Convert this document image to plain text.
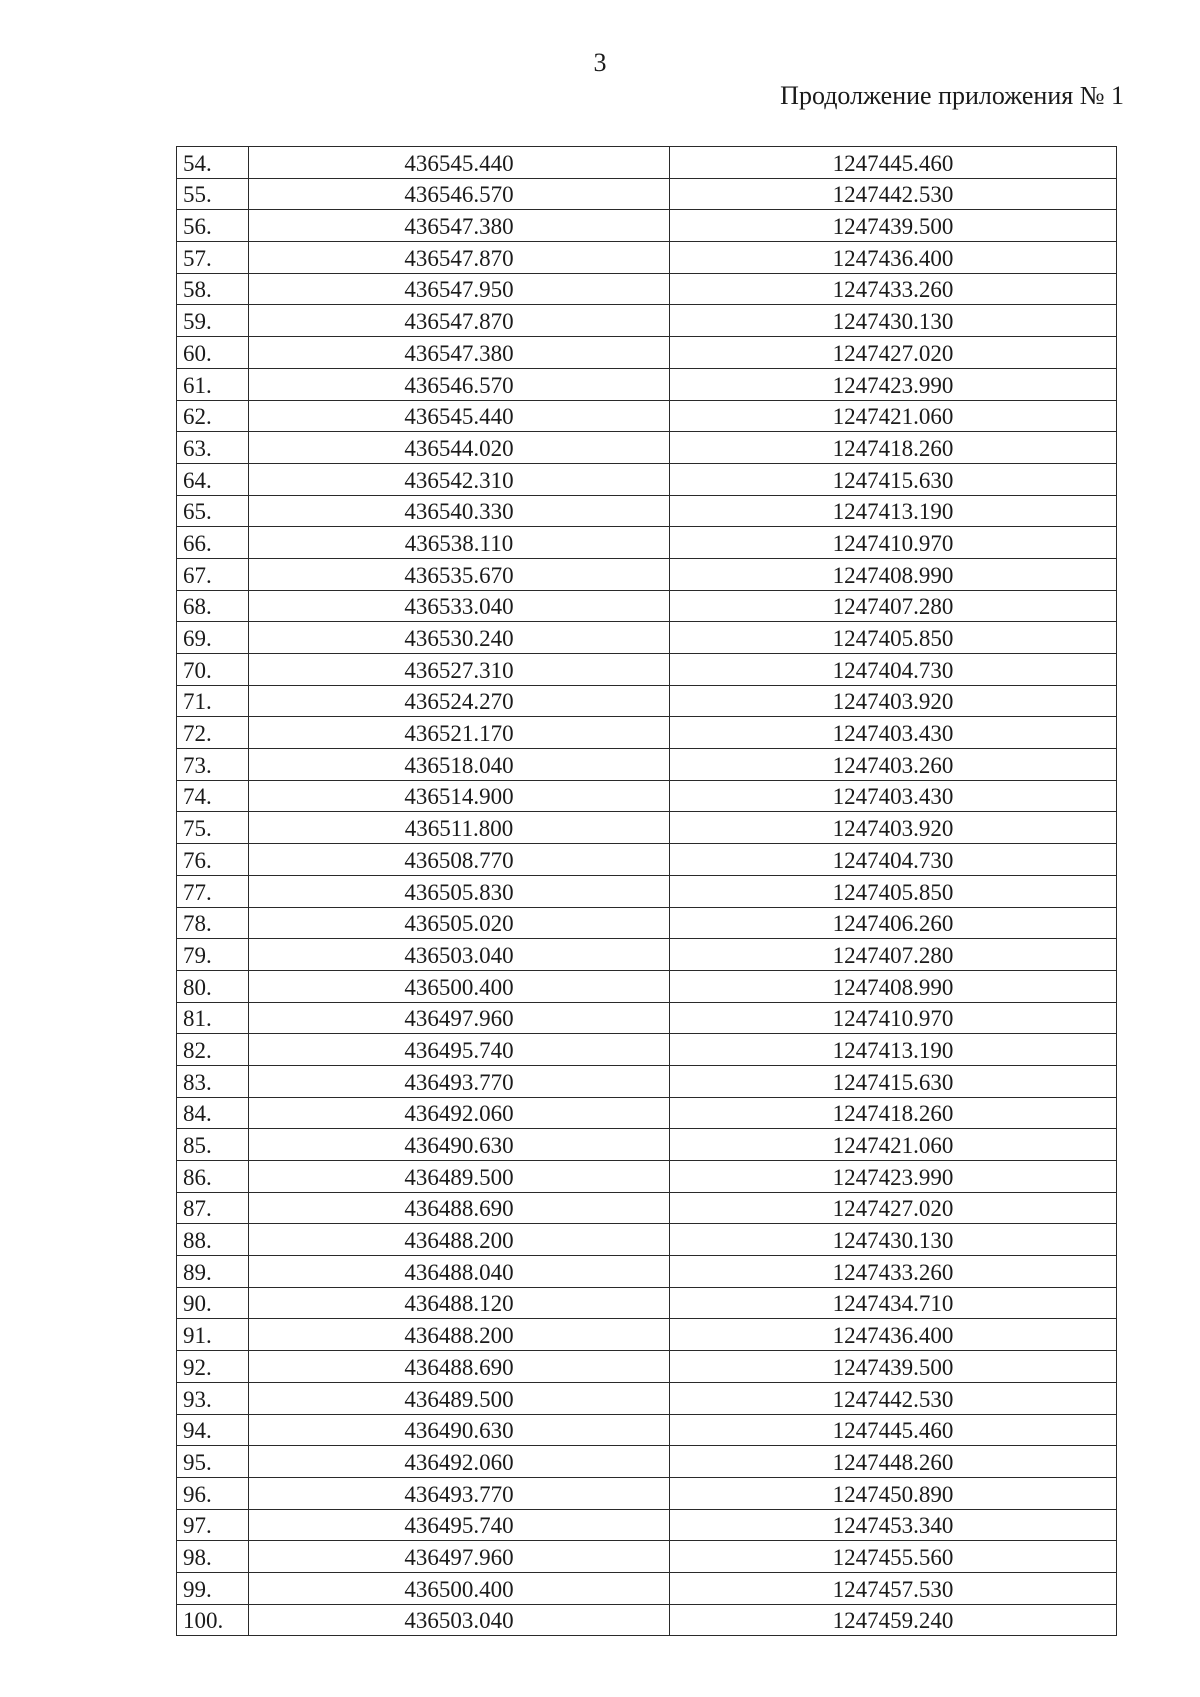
3
Продолжение приложения № 1
54.	436545.440	1247445.460
55.	436546.570	1247442.530
56.	436547.380	1247439.500
57.	436547.870	1247436.400
58.	436547.950	1247433.260
59.	436547.870	1247430.130
60.	436547.380	1247427.020
61.	436546.570	1247423.990
62.	436545.440	1247421.060
63.	436544.020	1247418.260
64.	436542.310	1247415.630
65.	436540.330	1247413.190
66.	436538.110	1247410.970
67.	436535.670	1247408.990
68.	436533.040	1247407.280
69.	436530.240	1247405.850
70.	436527.310	1247404.730
71.	436524.270	1247403.920
72.	436521.170	1247403.430
73.	436518.040	1247403.260
74.	436514.900	1247403.430
75.	436511.800	1247403.920
76.	436508.770	1247404.730
77.	436505.830	1247405.850
78.	436505.020	1247406.260
79.	436503.040	1247407.280
80.	436500.400	1247408.990
81.	436497.960	1247410.970
82.	436495.740	1247413.190
83.	436493.770	1247415.630
84.	436492.060	1247418.260
85.	436490.630	1247421.060
86.	436489.500	1247423.990
87.	436488.690	1247427.020
88.	436488.200	1247430.130
89.	436488.040	1247433.260
90.	436488.120	1247434.710
91.	436488.200	1247436.400
92.	436488.690	1247439.500
93.	436489.500	1247442.530
94.	436490.630	1247445.460
95.	436492.060	1247448.260
96.	436493.770	1247450.890
97.	436495.740	1247453.340
98.	436497.960	1247455.560
99.	436500.400	1247457.530
100.	436503.040	1247459.240
